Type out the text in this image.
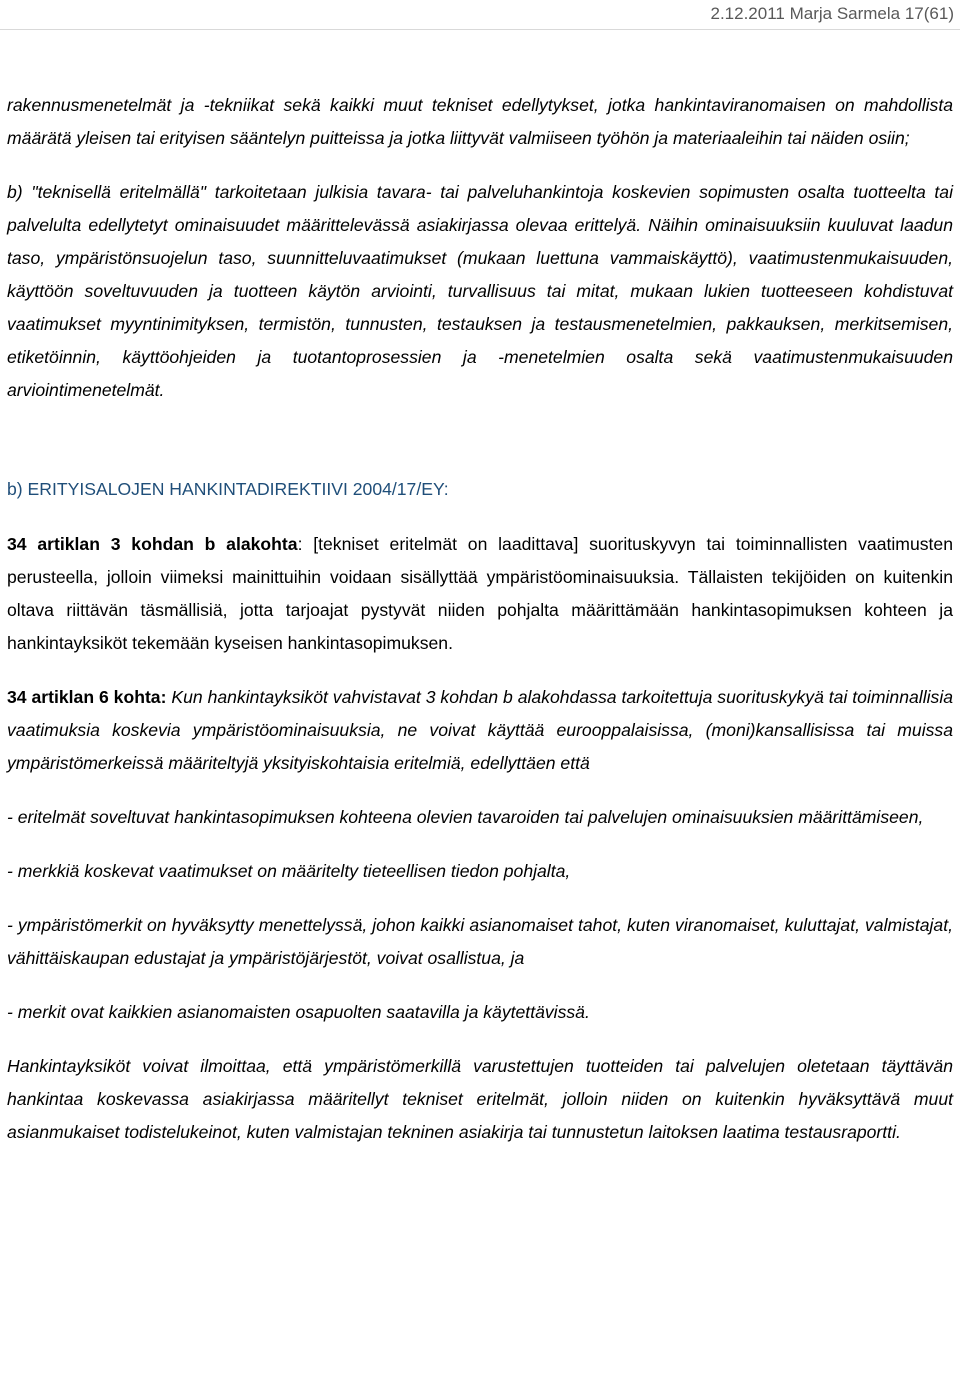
2.12.2011 Marja Sarmela 17(61)

rakennusmenetelmät ja -tekniikat sekä kaikki muut tekniset edellytykset, jotka hankintaviranomaisen on mahdollista määrätä yleisen tai erityisen sääntelyn puitteissa ja jotka liittyvät valmiiseen työhön ja materiaaleihin tai näiden osiin;

b) "teknisellä eritelmällä" tarkoitetaan julkisia tavara- tai palveluhankintoja koskevien sopimusten osalta tuotteelta tai palvelulta edellytetyt ominaisuudet määrittelevässä asiakirjassa olevaa erittelyä. Näihin ominaisuuksiin kuuluvat laadun taso, ympäristönsuojelun taso, suunnitteluvaatimukset (mukaan luettuna vammaiskäyttö), vaatimustenmukaisuuden, käyttöön soveltuvuuden ja tuotteen käytön arviointi, turvallisuus tai mitat, mukaan lukien tuotteeseen kohdistuvat vaatimukset myyntinimityksen, termistön, tunnusten, testauksen ja testausmenetelmien, pakkauksen, merkitsemisen, etiketöinnin, käyttöohjeiden ja tuotantoprosessien ja -menetelmien osalta sekä vaatimustenmukaisuuden arviointimenetelmät.

b) ERITYISALOJEN HANKINTADIREKTIIVI 2004/17/EY:

34 artiklan 3 kohdan b alakohta: [tekniset eritelmät on laadittava] suorituskyvyn tai toiminnallisten vaatimusten perusteella, jolloin viimeksi mainittuihin voidaan sisällyttää ympäristöominaisuuksia. Tällaisten tekijöiden on kuitenkin oltava riittävän täsmällisiä, jotta tarjoajat pystyvät niiden pohjalta määrittämään hankintasopimuksen kohteen ja hankintayksiköt tekemään kyseisen hankintasopimuksen.

34 artiklan 6 kohta: Kun hankintayksiköt vahvistavat 3 kohdan b alakohdassa tarkoitettuja suorituskykyä tai toiminnallisia vaatimuksia koskevia ympäristöominaisuuksia, ne voivat käyttää eurooppalaisissa, (moni)kansallisissa tai muissa ympäristömerkeissä määriteltyjä yksityiskohtaisia eritelmiä, edellyttäen että

- eritelmät soveltuvat hankintasopimuksen kohteena olevien tavaroiden tai palvelujen ominaisuuksien määrittämiseen,

- merkkiä koskevat vaatimukset on määritelty tieteellisen tiedon pohjalta,

- ympäristömerkit on hyväksytty menettelyssä, johon kaikki asianomaiset tahot, kuten viranomaiset, kuluttajat, valmistajat, vähittäiskaupan edustajat ja ympäristöjärjestöt, voivat osallistua, ja

- merkit ovat kaikkien asianomaisten osapuolten saatavilla ja käytettävissä.

Hankintayksiköt voivat ilmoittaa, että ympäristömerkillä varustettujen tuotteiden tai palvelujen oletetaan täyttävän hankintaa koskevassa asiakirjassa määritellyt tekniset eritelmät, jolloin niiden on kuitenkin hyväksyttävä muut asianmukaiset todistelukeinot, kuten valmistajan tekninen asiakirja tai tunnustetun laitoksen laatima testausraportti.
